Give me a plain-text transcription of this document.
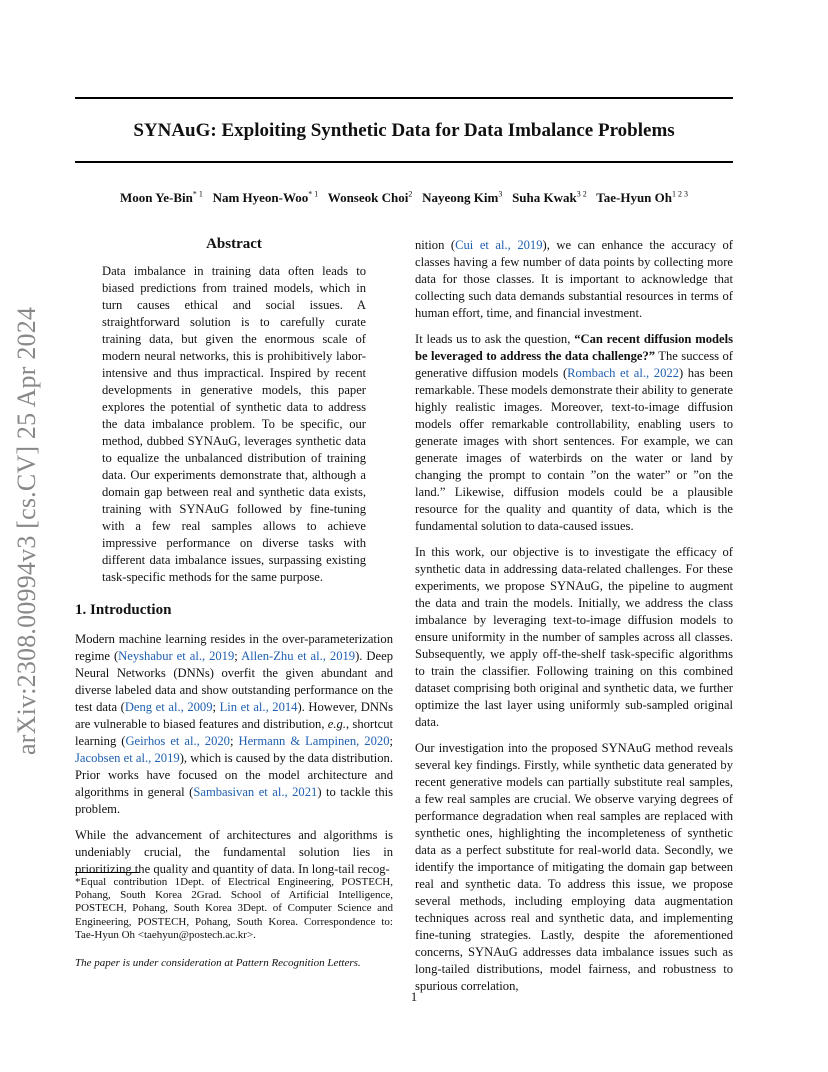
arXiv:2308.00994v3 [cs.CV] 25 Apr 2024
SYNAuG: Exploiting Synthetic Data for Data Imbalance Problems
Moon Ye-Bin$^{* 1}$ Nam Hyeon-Woo$^{* 1}$ Wonseok Choi$^2$ Nayeong Kim$^3$ Suha Kwak$^{3 2}$ Tae-Hyun $Oh^{1 2 3}$
Abstract

Data imbalance in training data often leads to biased predictions from trained models, which in turn causes ethical and social issues. A straightforward solution is to carefully curate training data, but given the enormous scale of modern neural networks, this is prohibitively labor-intensive and thus impractical. Inspired by recent developments in generative models, this paper explores the potential of synthetic data to address the data imbalance problem. To be specific, our method, dubbed SYNAuG, leverages synthetic data to equalize the unbalanced distribution of training data. Our experiments demonstrate that, although a domain gap between real and synthetic data exists, training with SYNAuG followed by fine-tuning with a few real samples allows to achieve impressive performance on diverse tasks with different data imbalance issues, surpassing existing task-specific methods for the same purpose.

1. Introduction

Modern machine learning resides in the over-parameterization regime (Neyshabur et al., 2019; Allen-Zhu et al., 2019). Deep Neural Networks (DNNs) overfit the given abundant and diverse labeled data and show outstanding performance on the test data (Deng et al., 2009; Lin et al., 2014). However, DNNs are vulnerable to biased features and distribution, e.g., shortcut learning (Geirhos et al., 2020; Hermann & Lampinen, 2020; Jacobsen et al., 2019), which is caused by the data distribution. Prior works have focused on the model architecture and algorithms in general (Sambasivan et al., 2021) to tackle this problem.

While the advancement of architectures and algorithms is undeniably crucial, the fundamental solution lies in prioritizing the quality and quantity of data. In long-tail recog-

*Equal contribution 1Dept. of Electrical Engineering, POSTECH, Pohang, South Korea 2Grad. School of Artificial Intelligence, POSTECH, Pohang, South Korea 3Dept. of Computer Science and Engineering, POSTECH, Pohang, South Korea. Correspondence to: Tae-Hyun Oh <taehyun@postech.ac.kr>.
The paper is under consideration at Pattern Recognition Letters.

nition (Cui et al., 2019), we can enhance the accuracy of classes having a few number of data points by collecting more data for those classes. It is important to acknowledge that collecting such data demands substantial resources in terms of human effort, time, and financial investment.

It leads us to ask the question, “Can recent diffusion models be leveraged to address the data challenge?” The success of generative diffusion models (Rombach et al., 2022) has been remarkable. These models demonstrate their ability to generate highly realistic images. Moreover, text-to-image diffusion models offer remarkable controllability, enabling users to generate images with short sentences. For example, we can generate images of waterbirds on the water or land by changing the prompt to contain ”on the water” or ”on the land.” Likewise, diffusion models could be a plausible resource for the quality and quantity of data, which is the fundamental solution to data-caused issues.

In this work, our objective is to investigate the efficacy of synthetic data in addressing data-related challenges. For these experiments, we propose SYNAuG, the pipeline to augment the data and train the models. Initially, we address the class imbalance by leveraging text-to-image diffusion models to ensure uniformity in the number of samples across all classes. Subsequently, we apply off-the-shelf task-specific algorithms to train the classifier. Following training on this combined dataset comprising both original and synthetic data, we further optimize the last layer using uniformly sub-sampled original data.

Our investigation into the proposed SYNAuG method reveals several key findings. Firstly, while synthetic data generated by recent generative models can partially substitute real samples, a few real samples are crucial. We observe varying degrees of performance degradation when real samples are replaced with synthetic ones, highlighting the incompleteness of synthetic data as a perfect substitute for real-world data. Secondly, we identify the importance of mitigating the domain gap between real and synthetic data. To address this issue, we propose several methods, including employing data augmentation techniques across real and synthetic data, and implementing fine-tuning strategies. Lastly, despite the aforementioned concerns, SYNAuG addresses data imbalance issues such as long-tailed distributions, model fairness, and robustness to spurious correlation,

1
